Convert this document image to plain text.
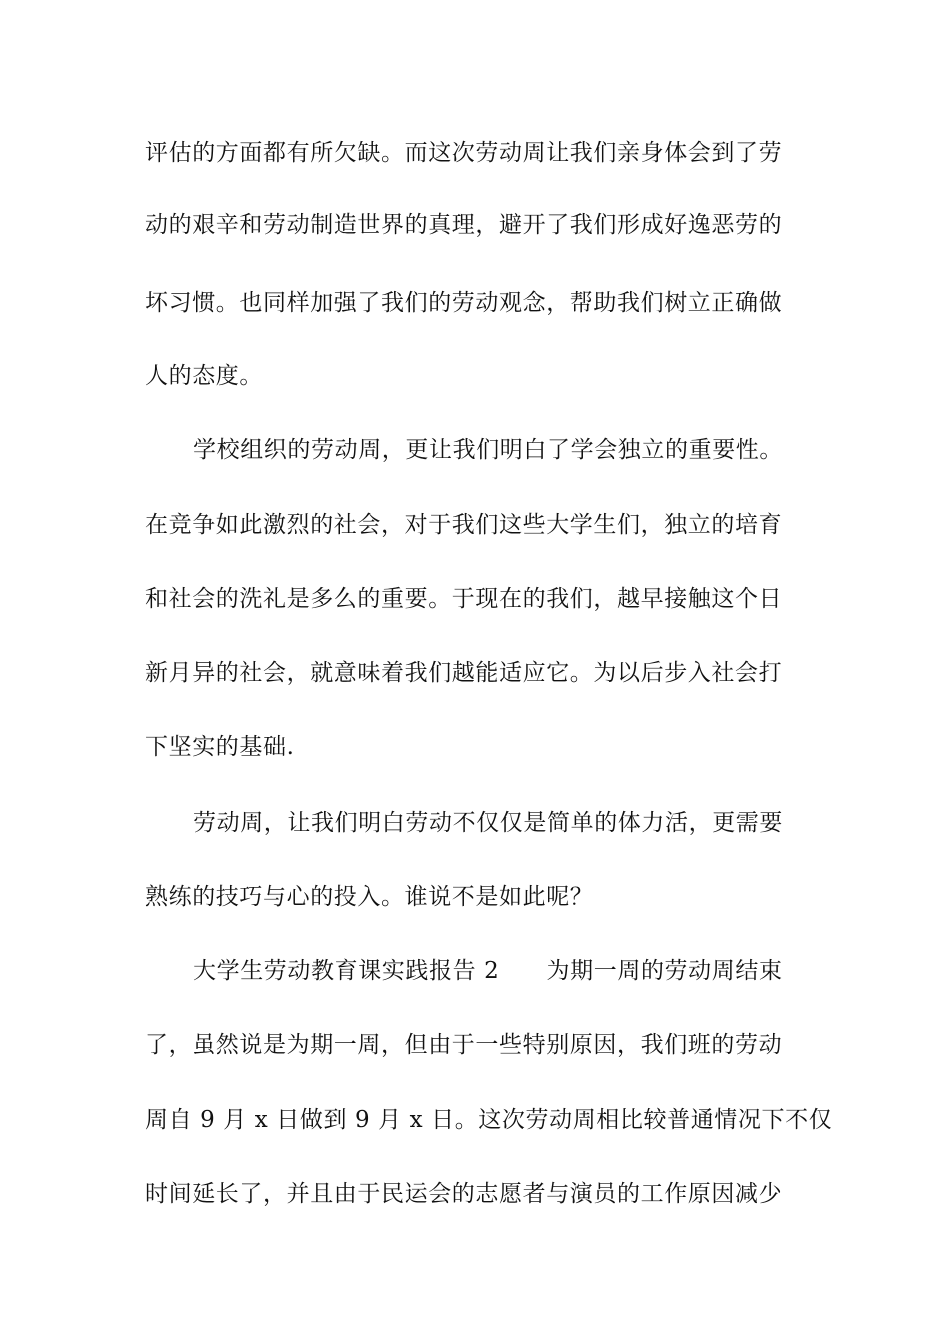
评估的方面都有所欠缺。而这次劳动周让我们亲身体会到了劳
动的艰辛和劳动制造世界的真理，避开了我们形成好逸恶劳的
坏习惯。也同样加强了我们的劳动观念，帮助我们树立正确做
人的态度。
学校组织的劳动周，更让我们明白了学会独立的重要性。
在竞争如此激烈的社会，对于我们这些大学生们，独立的培育
和社会的洗礼是多么的重要。于现在的我们，越早接触这个日
新月异的社会，就意味着我们越能适应它。为以后步入社会打
下坚实的基础.
劳动周，让我们明白劳动不仅仅是简单的体力活，更需要
熟练的技巧与心的投入。谁说不是如此呢？
大学生劳动教育课实践报告 2　　为期一周的劳动周结束
了，虽然说是为期一周，但由于一些特别原因，我们班的劳动
周自 9 月 x 日做到 9 月 x 日。这次劳动周相比较普通情况下不仅
时间延长了，并且由于民运会的志愿者与演员的工作原因减少
